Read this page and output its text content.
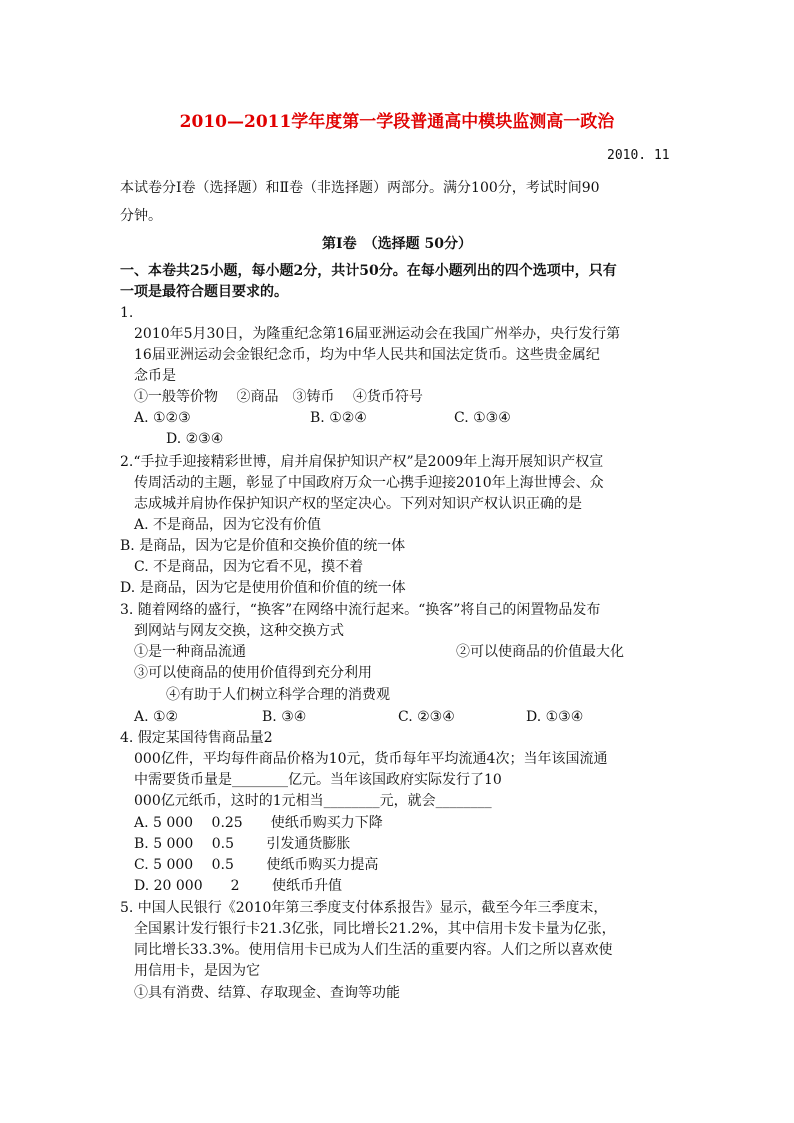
2010—2011学年度第一学段普通高中模块监测高一政治
2010. 11
本试卷分Ⅰ卷（选择题）和Ⅱ卷（非选择题）两部分。满分100分，考试时间90
分钟。
第Ⅰ卷　（选择题 50分）
一、本卷共25小题，每小题2分，共计50分。在每小题列出的四个选项中，只有
一项是最符合题目要求的。
1.
2010年5月30日，为隆重纪念第16届亚洲运动会在我国广州举办，央行发行第
16届亚洲运动会金银纪念币，均为中华人民共和国法定货币。这些贵金属纪
念币是
①一般等价物　 ②商品　③铸币　 ④货币符号
A. ①②③	B. ①②④	C. ①③④
D. ②③④
2.“手拉手迎接精彩世博，肩并肩保护知识产权”是2009年上海开展知识产权宣
传周活动的主题，彰显了中国政府万众一心携手迎接2010年上海世博会、众
志成城并肩协作保护知识产权的坚定决心。下列对知识产权认识正确的是
A. 不是商品，因为它没有价值
B. 是商品，因为它是价值和交换价值的统一体
C. 不是商品，因为它看不见，摸不着
D. 是商品，因为它是使用价值和价值的统一体
3. 随着网络的盛行，“换客”在网络中流行起来。“换客”将自己的闲置物品发布
到网站与网友交换，这种交换方式
①是一种商品流通	②可以使商品的价值最大化
③可以使商品的使用价值得到充分利用
④有助于人们树立科学合理的消费观
A. ①②	B. ③④	C. ②③④	D. ①③④
4. 假定某国待售商品量2
000亿件，平均每件商品价格为10元，货币每年平均流通4次；当年该国流通
中需要货币量是________亿元。当年该国政府实际发行了10
000亿元纸币，这时的1元相当________元，就会________
A. 5 000　 0.25　　使纸币购买力下降
B. 5 000　 0.5　　 引发通货膨胀
C. 5 000　 0.5　　 使纸币购买力提高
D. 20 000　　2　　 使纸币升值
5. 中国人民银行《2010年第三季度支付体系报告》显示，截至今年三季度末，
全国累计发行银行卡21.3亿张，同比增长21.2%，其中信用卡发卡量为亿张，
同比增长33.3%。使用信用卡已成为人们生活的重要内容。人们之所以喜欢使
用信用卡，是因为它
①具有消费、结算、存取现金、查询等功能
